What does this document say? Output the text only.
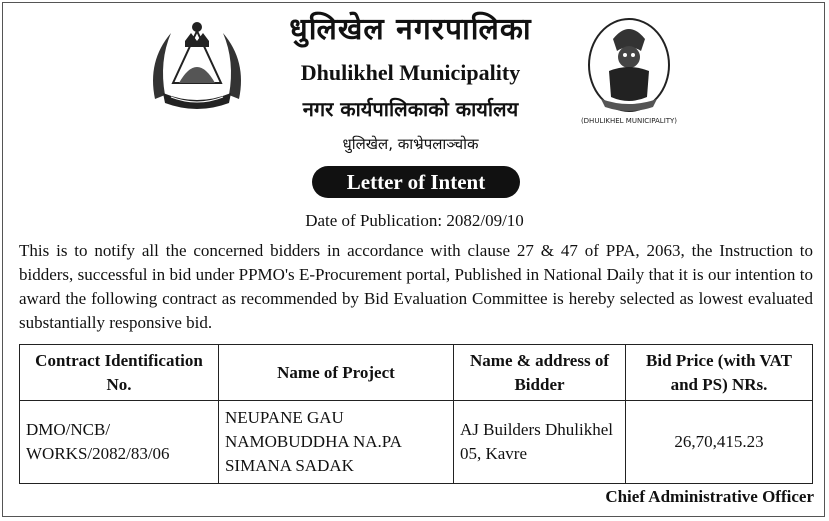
धुलिखेल नगरपालिका
Dhulikhel Municipality
नगर कार्यपालिकाको कार्यालय
धुलिखेल, काभ्रेपलाञ्चोक
(DHULIKHEL MUNICIPALITY)
Letter of Intent
Date of Publication: 2082/09/10
This is to notify all the concerned bidders in accordance with clause 27 & 47 of PPA, 2063, the Instruction to bidders, successful in bid under PPMO's E-Procurement portal, Published in National Daily that it is our intention to award the following contract as recommended by Bid Evaluation Committee is hereby selected as lowest evaluated substantially responsive bid.
Contract Identification No.	Name of Project	Name & address of Bidder	Bid Price (with VAT and PS) NRs.
DMO/NCB/ WORKS/2082/83/06	NEUPANE GAU NAMOBUDDHA NA.PA SIMANA SADAK	AJ Builders Dhulikhel 05, Kavre	26,70,415.23
Chief Administrative Officer
